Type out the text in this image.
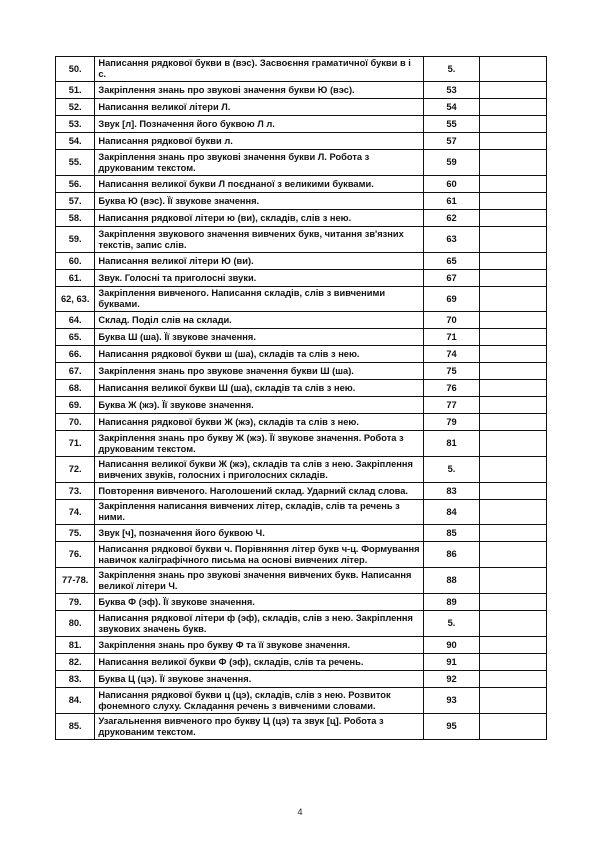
50.	Написання рядкової букви в (вэс). Засвоєння граматичної букви в і с.	5.	
51.	Закріплення знань про звукові значення букви Ю (вэс).	53	
52.	Написання великої літери Л.	54	
53.	Звук [л]. Позначення його буквою Л л.	55	
54.	Написання рядкової букви л.	57	
55.	Закріплення знань про звукові значення букви Л. Робота з друкованим текстом.	59	
56.	Написання великої букви Л поєднаної з великими буквами.	60	
57.	Буква Ю (вэс). Її звукове значення.	61	
58.	Написання рядкової літери ю (ви), складів, слів з нею.	62	
59.	Закріплення звукового значення вивчених букв, читання зв'язних текстів, запис слів.	63	
60.	Написання великої літери Ю (ви).	65	
61.	Звук. Голосні та приголосні звуки.	67	
62, 63.	Закріплення вивченого. Написання складів, слів з вивченими буквами.	69	
64.	Склад. Поділ слів на склади.	70	
65.	Буква Ш (ша). Її звукове значення.	71	
66.	Написання рядкової букви ш (ша), складів та слів з нею.	74	
67.	Закріплення знань про звукове значення букви Ш (ша).	75	
68.	Написання великої букви Ш (ша), складів та слів з нею.	76	
69.	Буква Ж (жэ). Її звукове значення.	77	
70.	Написання рядкової букви Ж (жэ), складів та слів з нею.	79	
71.	Закріплення знань про букву Ж (жэ). Її звукове значення. Робота з друкованим текстом.	81	
72.	Написання великої букви Ж (жэ), складів та слів з нею. Закріплення вивчених звуків, голосних і приголосних складів.	5.	
73.	Повторення вивченого. Наголошений склад. Ударний склад слова.	83	
74.	Закріплення написання вивчених літер, складів, слів та речень з ними.	84	
75.	Звук [ч], позначення його буквою Ч.	85	
76.	Написання рядкової букви ч. Порівняння літер букв ч-ц. Формування навичок каліграфічного письма на основі вивчених літер.	86	
77-78.	Закріплення знань про звукові значення вивчених букв. Написання великої літери Ч.	88	
79.	Буква Ф (эф). Її звукове значення.	89	
80.	Написання рядкової літери ф (эф), складів, слів з нею. Закріплення звукових значень букв.	5.	
81.	Закріплення знань про букву Ф та її звукове значення.	90	
82.	Написання великої букви Ф (эф), складів, слів та речень.	91	
83.	Буква Ц (цэ). Її звукове значення.	92	
84.	Написання рядкової букви ц (цэ), складів, слів з нею. Розвиток фонемного слуху. Складання речень з вивченими словами.	93	
85.	Узагальнення вивченого про букву Ц (цэ) та звук [ц]. Робота з друкованим текстом.	95	
4
